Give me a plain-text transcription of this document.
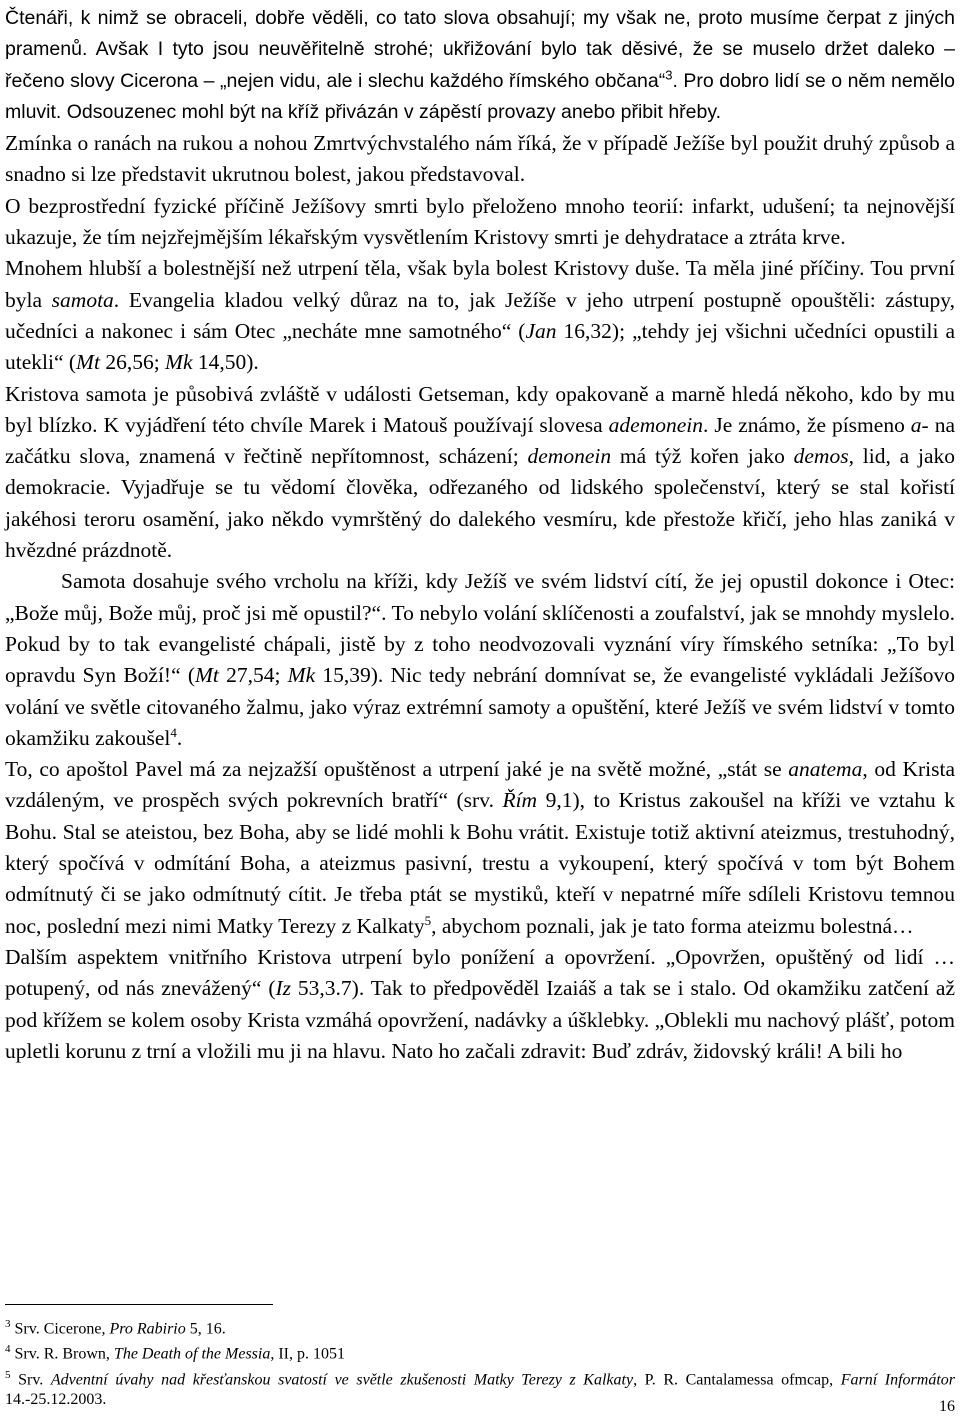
Čtenáři, k nimž se obraceli, dobře věděli, co tato slova obsahují; my však ne, proto musíme čerpat z jiných pramenů. Avšak I tyto jsou neuvěřitelně strohé; ukřižování bylo tak děsivé, že se muselo držet daleko – řečeno slovy Cicerona – „nejen vidu, ale i slechu každého římského občana“$^3$. Pro dobro lidí se o něm nemělo mluvit. Odsouzenec mohl být na kříž přivázán v zápěstí provazy anebo přibit hřeby.

Zmínka o ranách na rukou a nohou Zmrtvýchvstalého nám říká, že v případě Ježíše byl použit druhý způsob a snadno si lze představit ukrutnou bolest, jakou představoval.

O bezprostřední fyzické příčině Ježíšovy smrti bylo přeloženo mnoho teorií: infarkt, udušení; ta nejnovější ukazuje, že tím nejzřejmějším lékařským vysvětlením Kristovy smrti je dehydratace a ztráta krve.

Mnohem hlubší a bolestnější než utrpení těla, však byla bolest Kristovy duše. Ta měla jiné příčiny. Tou první byla samota. Evangelia kladou velký důraz na to, jak Ježíše v jeho utrpení postupně opouštěli: zástupy, učedníci a nakonec i sám Otec „necháte mne samotného“ (Jan 16,32); „tehdy jej všichni učedníci opustili a utekli“ (Mt 26,56; Mk 14,50).

Kristova samota je působivá zvláště v události Getseman, kdy opakovaně a marně hledá někoho, kdo by mu byl blízko. K vyjádření této chvíle Marek i Matouš používají slovesa ademonein. Je známo, že písmeno a- na začátku slova, znamená v řečtině nepřítomnost, scházení; demonein má týž kořen jako demos, lid, a jako demokracie. Vyjadřuje se tu vědomí člověka, odřezaného od lidského společenství, který se stal kořistí jakéhosi teroru osamění, jako někdo vymrštěný do dalekého vesmíru, kde přestože křičí, jeho hlas zaniká v hvězdné prázdnotě.

Samota dosahuje svého vrcholu na kříži, kdy Ježíš ve svém lidství cítí, že jej opustil dokonce i Otec: „Bože můj, Bože můj, proč jsi mě opustil?“. To nebylo volání sklíčenosti a zoufalství, jak se mnohdy myslelo. Pokud by to tak evangelisté chápali, jistě by z toho neodvozovali vyznání víry římského setníka: „To byl opravdu Syn Boží!“ (Mt 27,54; Mk 15,39). Nic tedy nebrání domnívat se, že evangelisté vykládali Ježíšovo volání ve světle citovaného žalmu, jako výraz extrémní samoty a opuštění, které Ježíš ve svém lidství v tomto okamžiku zakoušel$^4$.

To, co apoštol Pavel má za nejzažší opuštěnost a utrpení jaké je na světě možné, „stát se anatema, od Krista vzdáleným, ve prospěch svých pokrevních bratří“ (srv. Řím 9,1), to Kristus zakoušel na kříži ve vztahu k Bohu. Stal se ateistou, bez Boha, aby se lidé mohli k Bohu vrátit. Existuje totiž aktivní ateizmus, trestuhodný, který spočívá v odmítání Boha, a ateizmus pasivní, trestu a vykoupení, který spočívá v tom být Bohem odmítnutý či se jako odmítnutý cítit. Je třeba ptát se mystiků, kteří v nepatrné míře sdíleli Kristovu temnou noc, poslední mezi nimi Matky Terezy z Kalkaty$^5$, abychom poznali, jak je tato forma ateizmu bolestná…

Dalším aspektem vnitřního Kristova utrpení bylo ponížení a opovržení. „Opovržen, opuštěný od lidí … potupený, od nás znevážený“ (Iz 53,3.7). Tak to předpověděl Izaiáš a tak se i stalo. Od okamžiku zatčení až pod křížem se kolem osoby Krista vzmáhá opovržení, nadávky a úšklebky. „Oblekli mu nachový plášť, potom upletli korunu z trní a vložili mu ji na hlavu. Nato ho začali zdravit: Buď zdráv, židovský králi! A bili ho

$^3$ Srv. Cicerone, Pro Rabirio 5, 16.

$^4$ Srv. R. Brown, The Death of the Messia, II, p. 1051

$^5$ Srv. Adventní úvahy nad křesťanskou svatostí ve světle zkušenosti Matky Terezy z Kalkaty, P. R. Cantalamessa ofmcap, Farní Informátor 14.-25.12.2003.	16
